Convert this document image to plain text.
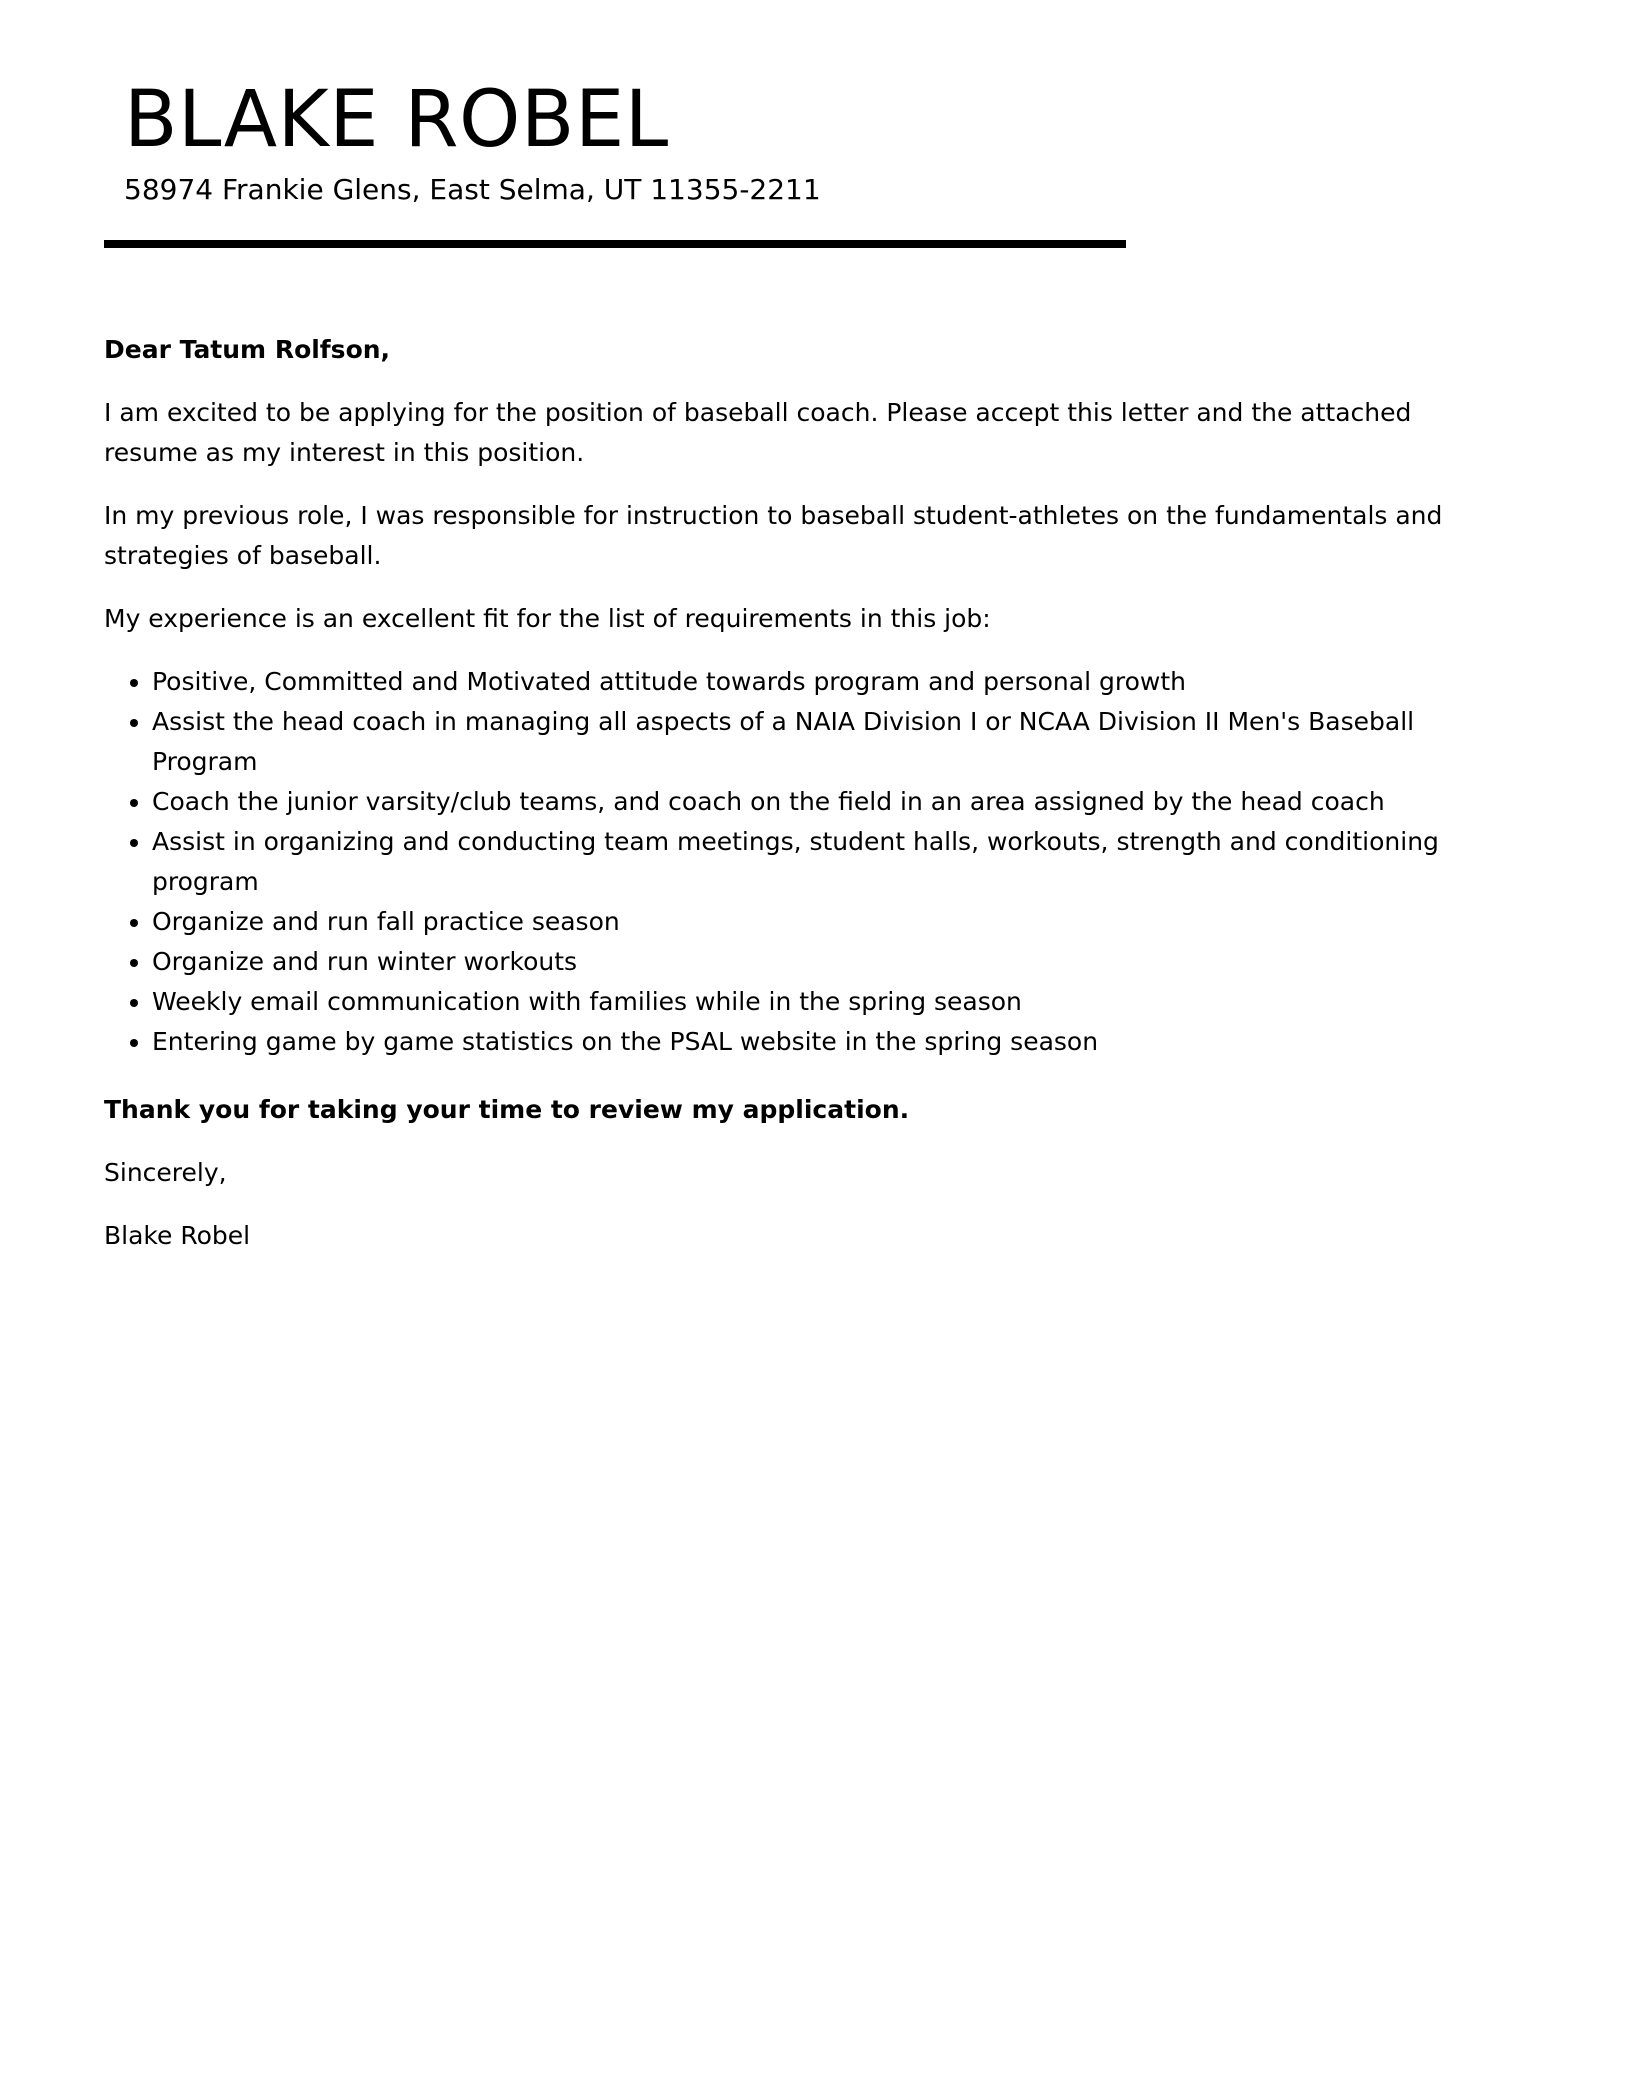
BLAKE ROBEL
58974 Frankie Glens, East Selma, UT 11355-2211

Dear Tatum Rolfson,

I am excited to be applying for the position of baseball coach. Please accept this letter and the attached resume as my interest in this position.

In my previous role, I was responsible for instruction to baseball student-athletes on the fundamentals and strategies of baseball.

My experience is an excellent fit for the list of requirements in this job:

• Positive, Committed and Motivated attitude towards program and personal growth
• Assist the head coach in managing all aspects of a NAIA Division I or NCAA Division II Men's Baseball Program
• Coach the junior varsity/club teams, and coach on the field in an area assigned by the head coach
• Assist in organizing and conducting team meetings, student halls, workouts, strength and conditioning program
• Organize and run fall practice season
• Organize and run winter workouts
• Weekly email communication with families while in the spring season
• Entering game by game statistics on the PSAL website in the spring season

Thank you for taking your time to review my application.

Sincerely,

Blake Robel
